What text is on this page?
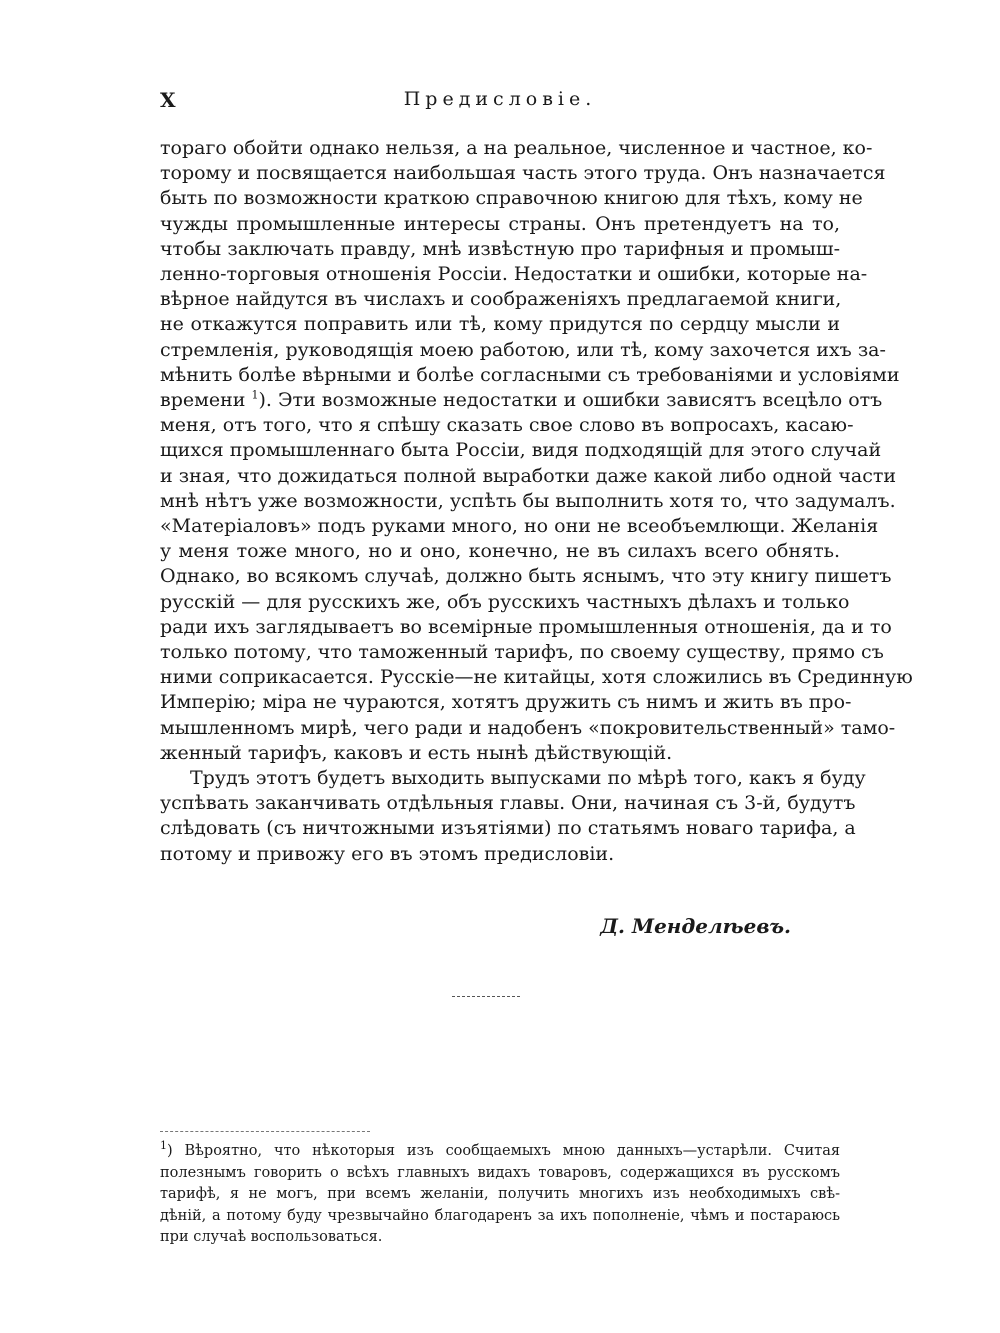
X	Предисловіе.
тораго обойти однако нельзя, а на реальное, численное и частное, ко-
торому и посвящается наибольшая часть этого труда. Онъ назначается
быть по возможности краткою справочною книгою для тѣхъ, кому не
чужды промышленные интересы страны. Онъ претендуетъ на то,
чтобы заключать правду, мнѣ извѣстную про тарифныя и промыш-
ленно-торговыя отношенія Россіи. Недостатки и ошибки, которые на-
вѣрное найдутся въ числахъ и соображеніяхъ предлагаемой книги,
не откажутся поправить или тѣ, кому придутся по сердцу мысли и
стремленія, руководящія моею работою, или тѣ, кому захочется ихъ за-
мѣнить болѣе вѣрными и болѣе согласными съ требованіями и условіями
времени $^1$). Эти возможные недостатки и ошибки зависятъ всецѣло отъ
меня, отъ того, что я спѣшу сказать свое слово въ вопросахъ, касаю-
щихся промышленнаго быта Россіи, видя подходящій для этого случай
и зная, что дожидаться полной выработки даже какой либо одной части
мнѣ нѣтъ уже возможности, успѣть бы выполнить хотя то, что задумалъ.
«Матеріаловъ» подъ руками много, но они не всеобъемлющи. Желанія
у меня тоже много, но и оно, конечно, не въ силахъ всего обнять.
Однако, во всякомъ случаѣ, должно быть яснымъ, что эту книгу пишетъ
русскій — для русскихъ же, объ русскихъ частныхъ дѣлахъ и только
ради ихъ заглядываетъ во всемірные промышленныя отношенія, да и то
только потому, что таможенный тарифъ, по своему существу, прямо съ
ними соприкасается. Русскіе—не китайцы, хотя сложились въ Срединную
Имперію; міра не чураются, хотятъ дружить съ нимъ и жить въ про-
мышленномъ мирѣ, чего ради и надобенъ «покровительственный» тамо-
женный тарифъ, каковъ и есть нынѣ дѣйствующій.
Трудъ этотъ будетъ выходить выпусками по мѣрѣ того, какъ я буду
успѣвать заканчивать отдѣльныя главы. Они, начиная съ 3-й, будутъ
слѣдовать (съ ничтожными изъятіями) по статьямъ новаго тарифа, а
потому и привожу его въ этомъ предисловіи.
Д. Менделѣевъ.
$^1$) Вѣроятно, что нѣкоторыя изъ сообщаемыхъ мною данныхъ—устарѣли. Считая
полезнымъ говорить о всѣхъ главныхъ видахъ товаровъ, содержащихся въ русскомъ
тарифѣ, я не могъ, при всемъ желаніи, получить многихъ изъ необходимыхъ свѣ-
дѣній, а потому буду чрезвычайно благодаренъ за ихъ пополненіе, чѣмъ и постараюсь
при случаѣ воспользоваться.
